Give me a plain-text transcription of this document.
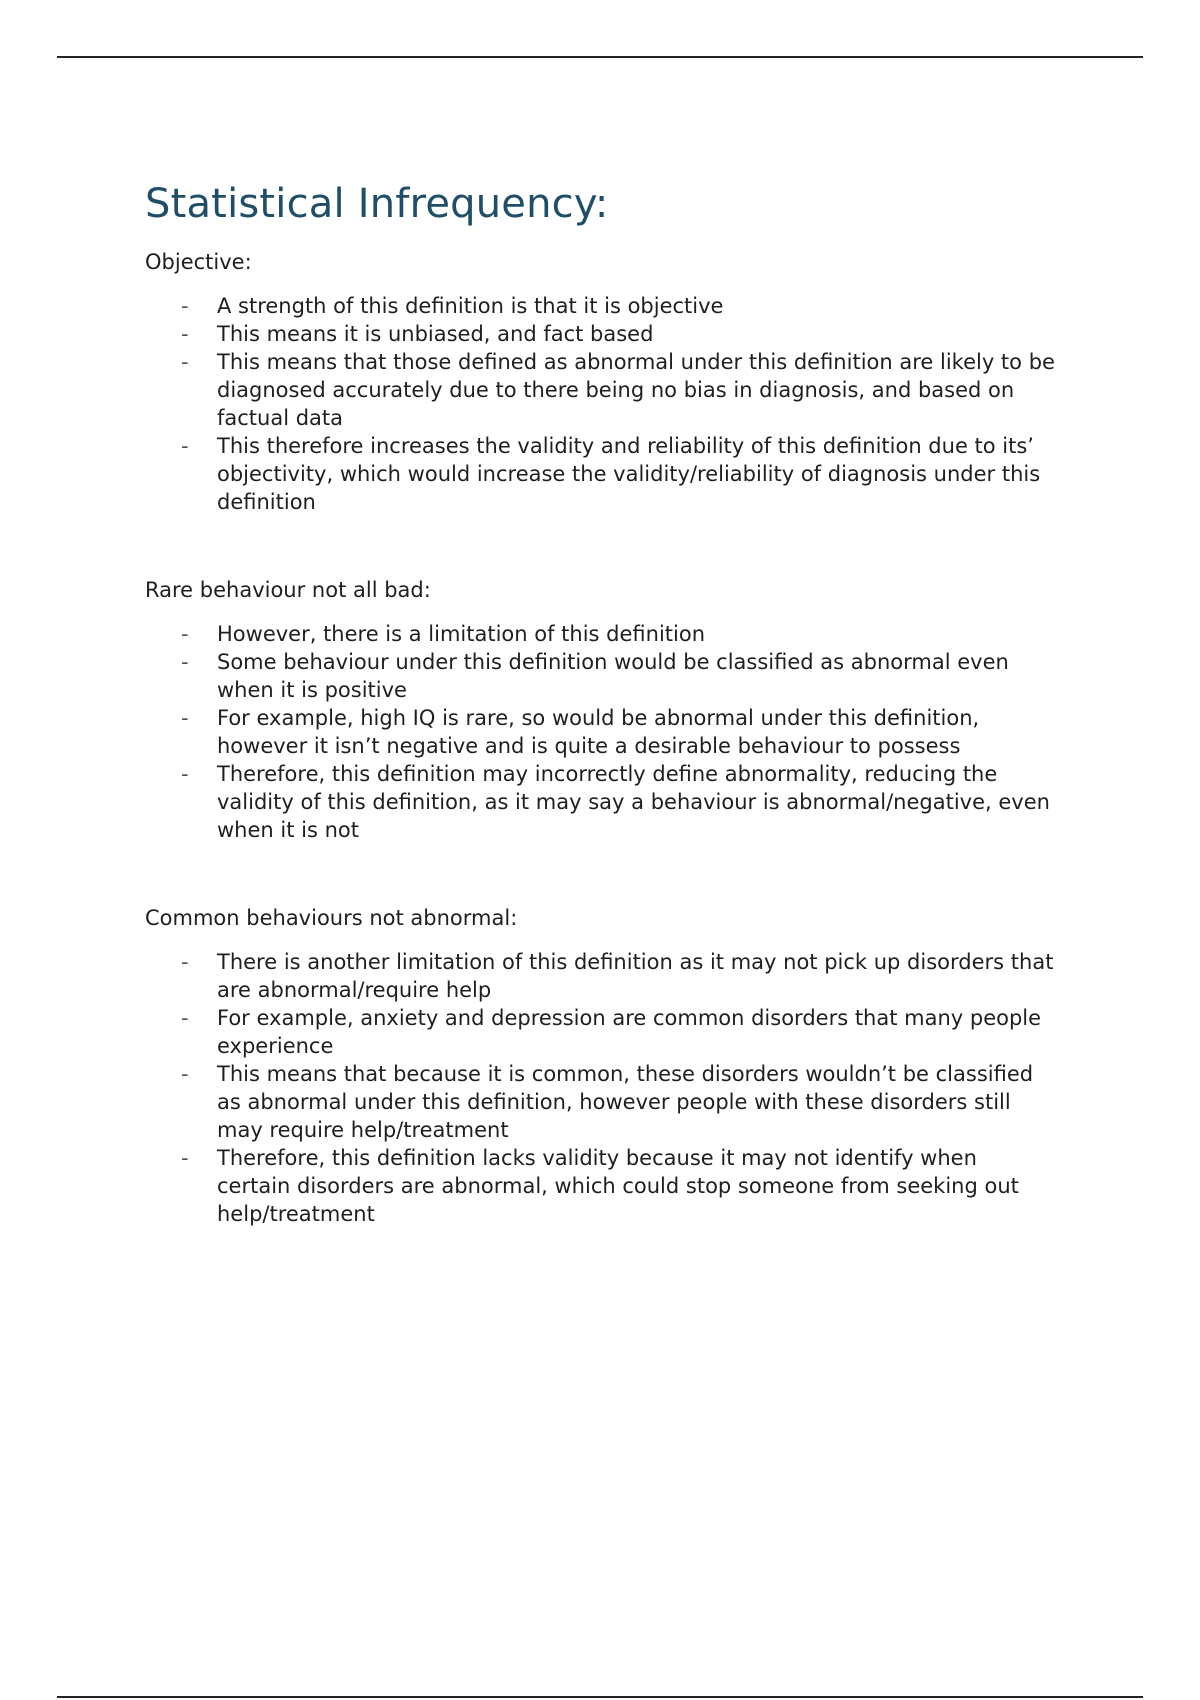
Statistical Infrequency:
Objective:
- A strength of this definition is that it is objective
- This means it is unbiased, and fact based
- This means that those defined as abnormal under this definition are likely to be diagnosed accurately due to there being no bias in diagnosis, and based on factual data
- This therefore increases the validity and reliability of this definition due to its’ objectivity, which would increase the validity/reliability of diagnosis under this definition
Rare behaviour not all bad:
- However, there is a limitation of this definition
- Some behaviour under this definition would be classified as abnormal even when it is positive
- For example, high IQ is rare, so would be abnormal under this definition, however it isn’t negative and is quite a desirable behaviour to possess
- Therefore, this definition may incorrectly define abnormality, reducing the validity of this definition, as it may say a behaviour is abnormal/negative, even when it is not
Common behaviours not abnormal:
- There is another limitation of this definition as it may not pick up disorders that are abnormal/require help
- For example, anxiety and depression are common disorders that many people experience
- This means that because it is common, these disorders wouldn’t be classified as abnormal under this definition, however people with these disorders still may require help/treatment
- Therefore, this definition lacks validity because it may not identify when certain disorders are abnormal, which could stop someone from seeking out help/treatment
